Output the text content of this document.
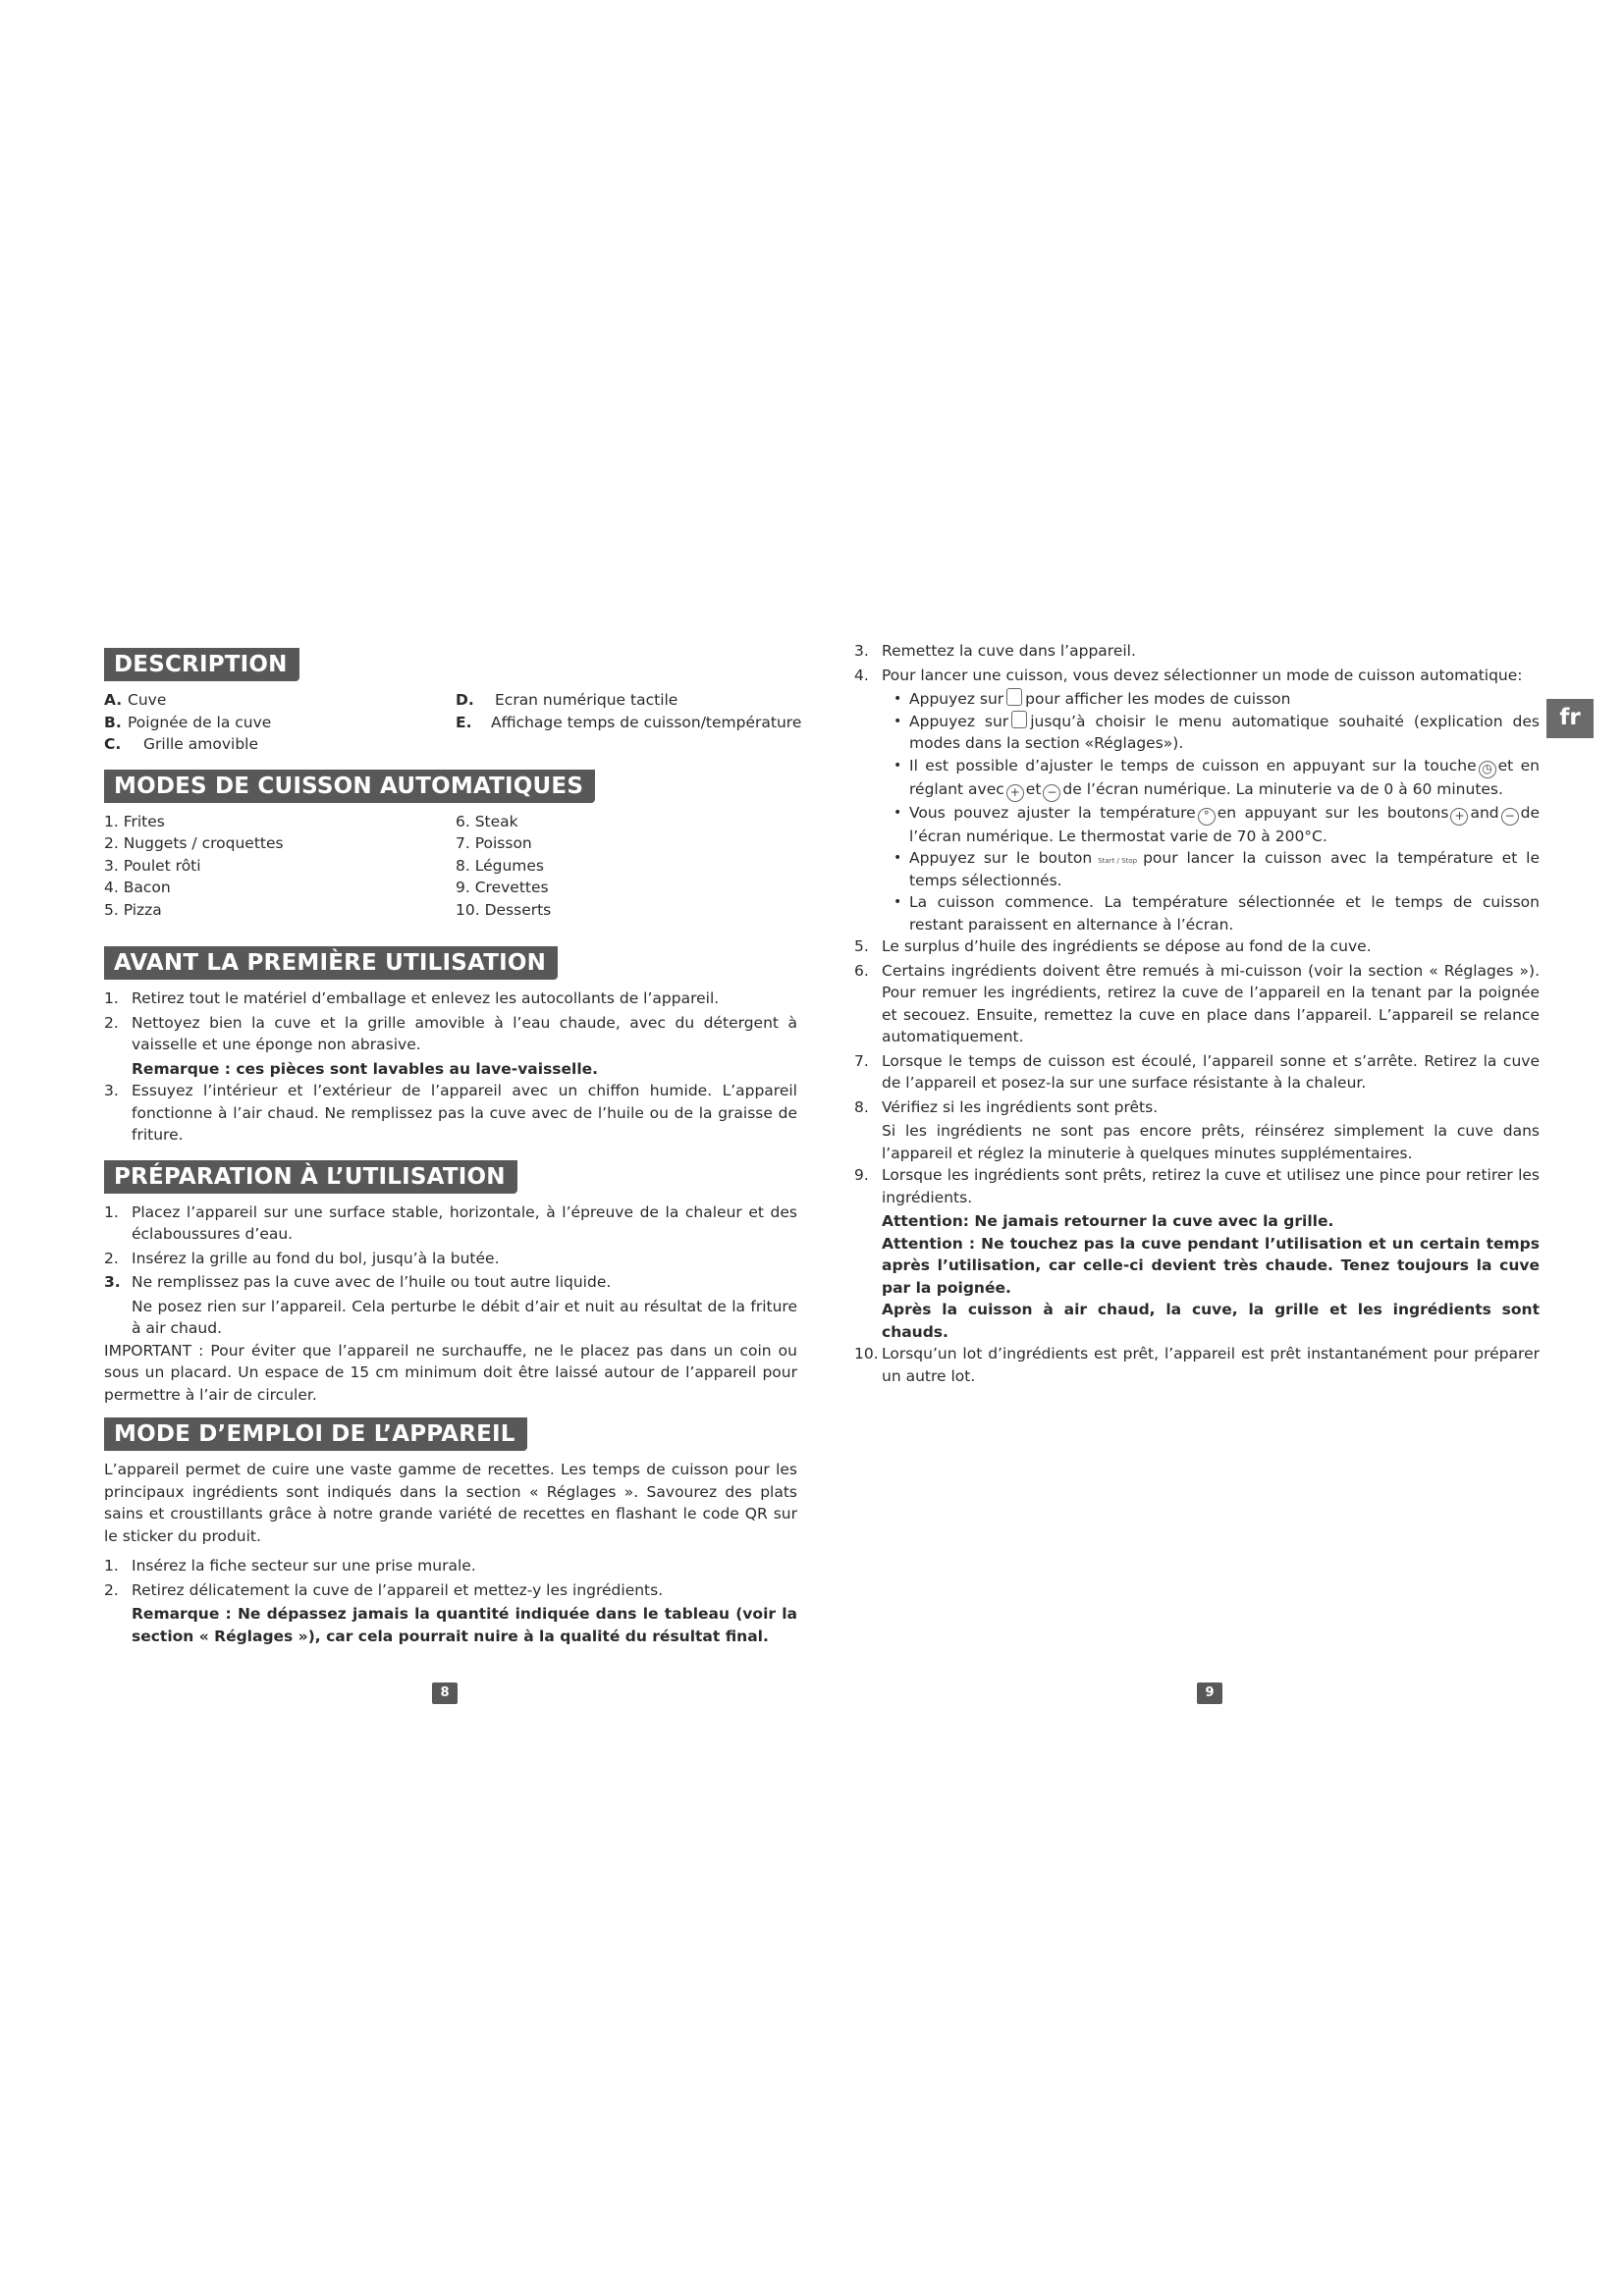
DESCRIPTION
A. Cuve
B. Poignée de la cuve
C. Grille amovible
D. Ecran numérique tactile
E. Affichage temps de cuisson/température
MODES DE CUISSON AUTOMATIQUES
1. Frites
2. Nuggets / croquettes
3. Poulet rôti
4. Bacon
5. Pizza
6. Steak
7. Poisson
8. Légumes
9. Crevettes
10. Desserts
AVANT LA PREMIÈRE UTILISATION
1. Retirez tout le matériel d’emballage et enlevez les autocollants de l’appareil.
2. Nettoyez bien la cuve et la grille amovible à l’eau chaude, avec du détergent à vaisselle et une éponge non abrasive.
Remarque : ces pièces sont lavables au lave-vaisselle.
3. Essuyez l’intérieur et l’extérieur de l’appareil avec un chiffon humide. L’appareil fonctionne à l’air chaud. Ne remplissez pas la cuve avec de l’huile ou de la graisse de friture.
PRÉPARATION À L’UTILISATION
1. Placez l’appareil sur une surface stable, horizontale, à l’épreuve de la chaleur et des éclaboussures d’eau.
2. Insérez la grille au fond du bol, jusqu’à la butée.
3. Ne remplissez pas la cuve avec de l’huile ou tout autre liquide.
Ne posez rien sur l’appareil. Cela perturbe le débit d’air et nuit au résultat de la friture à air chaud.
IMPORTANT : Pour éviter que l’appareil ne surchauffe, ne le placez pas dans un coin ou sous un placard. Un espace de 15 cm minimum doit être laissé autour de l’appareil pour permettre à l’air de circuler.
MODE D’EMPLOI DE L’APPAREIL
L’appareil permet de cuire une vaste gamme de recettes. Les temps de cuisson pour les principaux ingrédients sont indiqués dans la section « Réglages ». Savourez des plats sains et croustillants grâce à notre grande variété de recettes en flashant le code QR sur le sticker du produit.
1. Insérez la fiche secteur sur une prise murale.
2. Retirez délicatement la cuve de l’appareil et mettez-y les ingrédients.
Remarque : Ne dépassez jamais la quantité indiquée dans le tableau (voir la section « Réglages »), car cela pourrait nuire à la qualité du résultat final.
3. Remettez la cuve dans l’appareil.
4. Pour lancer une cuisson, vous devez sélectionner un mode de cuisson automatique:
• Appuyez sur pour afficher les modes de cuisson
• Appuyez sur jusqu’à choisir le menu automatique souhaité (explication des modes dans la section «Réglages»).
• Il est possible d’ajuster le temps de cuisson en appuyant sur la touche ◷ et en réglant avec + et − de l’écran numérique. La minuterie va de 0 à 60 minutes.
• Vous pouvez ajuster la température ° en appuyant sur les boutons + and − de l’écran numérique. Le thermostat varie de 70 à 200°C.
• Appuyez sur le bouton Start / Stop pour lancer la cuisson avec la température et le temps sélectionnés.
• La cuisson commence. La température sélectionnée et le temps de cuisson restant paraissent en alternance à l’écran.
5. Le surplus d’huile des ingrédients se dépose au fond de la cuve.
6. Certains ingrédients doivent être remués à mi-cuisson (voir la section « Réglages »). Pour remuer les ingrédients, retirez la cuve de l’appareil en la tenant par la poignée et secouez. Ensuite, remettez la cuve en place dans l’appareil. L’appareil se relance automatiquement.
7. Lorsque le temps de cuisson est écoulé, l’appareil sonne et s’arrête. Retirez la cuve de l’appareil et posez-la sur une surface résistante à la chaleur.
8. Vérifiez si les ingrédients sont prêts.
Si les ingrédients ne sont pas encore prêts, réinsérez simplement la cuve dans l’appareil et réglez la minuterie à quelques minutes supplémentaires.
9. Lorsque les ingrédients sont prêts, retirez la cuve et utilisez une pince pour retirer les ingrédients.
Attention: Ne jamais retourner la cuve avec la grille.
Attention : Ne touchez pas la cuve pendant l’utilisation et un certain temps après l’utilisation, car celle-ci devient très chaude. Tenez toujours la cuve par la poignée.
Après la cuisson à air chaud, la cuve, la grille et les ingrédients sont chauds.
10. Lorsqu’un lot d’ingrédients est prêt, l’appareil est prêt instantanément pour préparer un autre lot.
fr
8	9
